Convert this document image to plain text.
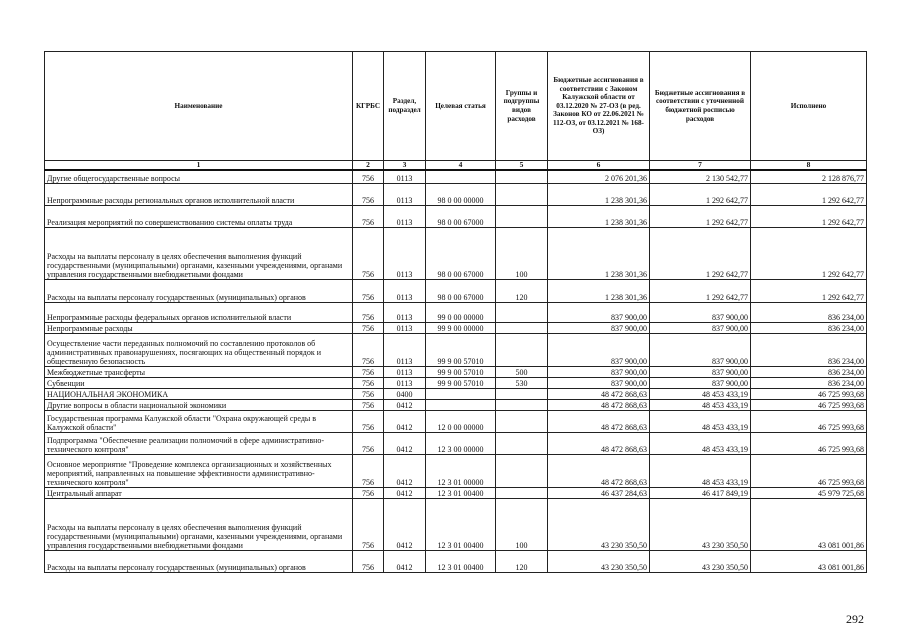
Наименование	КГРБС	Раздел, подраздел	Целевая статья	Группы и подгруппы видов расходов	Бюджетные ассигнования в соответствии с Законом Калужской области от 03.12.2020 № 27-ОЗ (в ред. Законов КО от 22.06.2021 № 112-ОЗ, от 03.12.2021 № 168-ОЗ)	Бюджетные ассигнования в соответствии с уточненной бюджетной росписью расходов	Исполнено
1	2	3	4	5	6	7	8
Другие общегосударственные вопросы	756	0113			2 076 201,36	2 130 542,77	2 128 876,77
Непрограммные расходы региональных органов исполнительной власти	756	0113	98 0 00 00000		1 238 301,36	1 292 642,77	1 292 642,77
Реализация мероприятий по совершенствованию системы оплаты труда	756	0113	98 0 00 67000		1 238 301,36	1 292 642,77	1 292 642,77
Расходы на выплаты персоналу в целях обеспечения выполнения функций государственными (муниципальными) органами, казенными учреждениями, органами управления государственными внебюджетными фондами	756	0113	98 0 00 67000	100	1 238 301,36	1 292 642,77	1 292 642,77
Расходы на выплаты персоналу государственных (муниципальных) органов	756	0113	98 0 00 67000	120	1 238 301,36	1 292 642,77	1 292 642,77
Непрограммные расходы федеральных органов исполнительной власти	756	0113	99 0 00 00000		837 900,00	837 900,00	836 234,00
Непрограммные расходы	756	0113	99 9 00 00000		837 900,00	837 900,00	836 234,00
Осуществление части переданных полномочий по составлению протоколов об административных правонарушениях, посягающих на общественный порядок и общественную безопасность	756	0113	99 9 00 57010		837 900,00	837 900,00	836 234,00
Межбюджетные трансферты	756	0113	99 9 00 57010	500	837 900,00	837 900,00	836 234,00
Субвенции	756	0113	99 9 00 57010	530	837 900,00	837 900,00	836 234,00
НАЦИОНАЛЬНАЯ ЭКОНОМИКА	756	0400			48 472 868,63	48 453 433,19	46 725 993,68
Другие вопросы в области национальной экономики	756	0412			48 472 868,63	48 453 433,19	46 725 993,68
Государственная программа Калужской области "Охрана окружающей среды в Калужской области"	756	0412	12 0 00 00000		48 472 868,63	48 453 433,19	46 725 993,68
Подпрограмма "Обеспечение реализации полномочий в сфере административно-технического контроля"	756	0412	12 3 00 00000		48 472 868,63	48 453 433,19	46 725 993,68
Основное мероприятие "Проведение комплекса организационных и хозяйственных мероприятий, направленных на повышение эффективности административно-технического контроля"	756	0412	12 3 01 00000		48 472 868,63	48 453 433,19	46 725 993,68
Центральный аппарат	756	0412	12 3 01 00400		46 437 284,63	46 417 849,19	45 979 725,68
Расходы на выплаты персоналу в целях обеспечения выполнения функций государственными (муниципальными) органами, казенными учреждениями, органами управления государственными внебюджетными фондами	756	0412	12 3 01 00400	100	43 230 350,50	43 230 350,50	43 081 001,86
Расходы на выплаты персоналу государственных (муниципальных) органов	756	0412	12 3 01 00400	120	43 230 350,50	43 230 350,50	43 081 001,86
292
